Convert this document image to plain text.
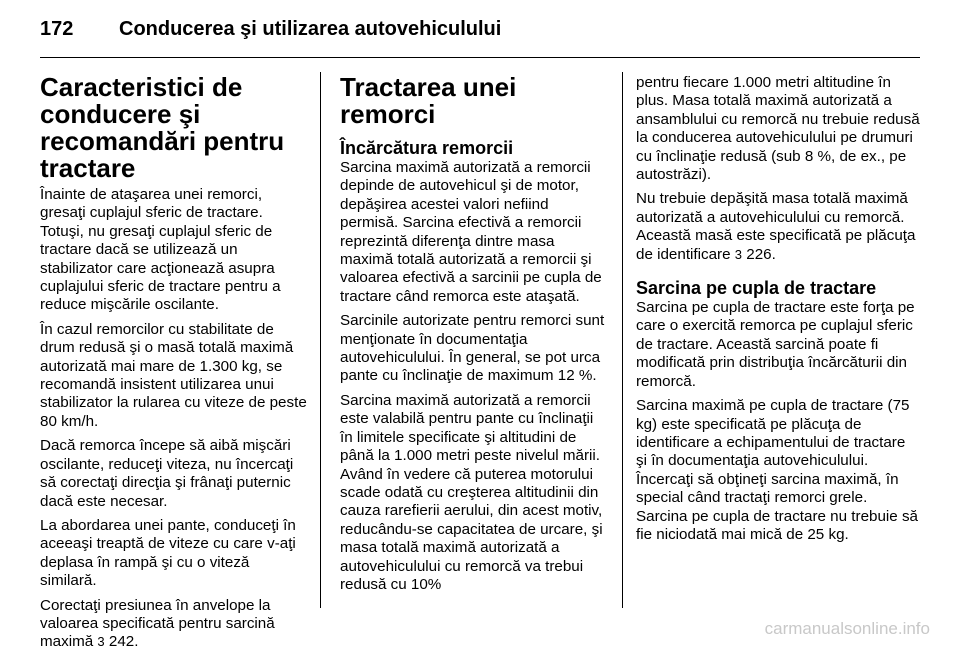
172 Conducerea şi utilizarea autovehiculului
Caracteristici de conducere şi recomandări pentru tractare

Înainte de ataşarea unei remorci, gresaţi cuplajul sferic de tractare. Totuşi, nu gresaţi cuplajul sferic de tractare dacă se utilizează un stabilizator care acţionează asupra cuplajului sferic de tractare pentru a reduce mişcările oscilante.

În cazul remorcilor cu stabilitate de drum redusă şi o masă totală maximă autorizată mai mare de 1.300 kg, se recomandă insistent utilizarea unui stabilizator la rularea cu viteze de peste 80 km/h.

Dacă remorca începe să aibă mişcări oscilante, reduceţi viteza, nu încercaţi să corectaţi direcţia şi frânaţi puternic dacă este necesar.

La abordarea unei pante, conduceţi în aceeaşi treaptă de viteze cu care v-aţi deplasa în rampă şi cu o viteză similară.

Corectaţi presiunea în anvelope la valoarea specificată pentru sarcină maximă 3 242.

Tractarea unei remorci
Încărcătura remorcii

Sarcina maximă autorizată a remorcii depinde de autovehicul şi de motor, depăşirea acestei valori nefiind permisă. Sarcina efectivă a remorcii reprezintă diferenţa dintre masa maximă totală autorizată a remorcii şi valoarea efectivă a sarcinii pe cupla de tractare când remorca este ataşată.

Sarcinile autorizate pentru remorci sunt menţionate în documentaţia autovehiculului. În general, se pot urca pante cu înclinaţie de maximum 12 %.

Sarcina maximă autorizată a remorcii este valabilă pentru pante cu înclinaţii în limitele specificate şi altitudini de până la 1.000 metri peste nivelul mării. Având în vedere că puterea motorului scade odată cu creşterea altitudinii din cauza rarefierii aerului, din acest motiv, reducându-se capacitatea de urcare, şi masa totală maximă autorizată a autovehiculului cu remorcă va trebui redusă cu 10%

pentru fiecare 1.000 metri altitudine în plus. Masa totală maximă autorizată a ansamblului cu remorcă nu trebuie redusă la conducerea autovehiculului pe drumuri cu înclinaţie redusă (sub 8 %, de ex., pe autostrăzi).

Nu trebuie depăşită masa totală maximă autorizată a autovehiculului cu remorcă. Această masă este specificată pe plăcuţa de identificare 3 226.

Sarcina pe cupla de tractare

Sarcina pe cupla de tractare este forţa pe care o exercită remorca pe cuplajul sferic de tractare. Această sarcină poate fi modificată prin distribuţia încărcăturii din remorcă.

Sarcina maximă pe cupla de tractare (75 kg) este specificată pe plăcuţa de identificare a echipamentului de tractare şi în documentaţia autovehiculului. Încercaţi să obţineţi sarcina maximă, în special când tractaţi remorci grele. Sarcina pe cupla de tractare nu trebuie să fie niciodată mai mică de 25 kg.

carmanualsonline.info
